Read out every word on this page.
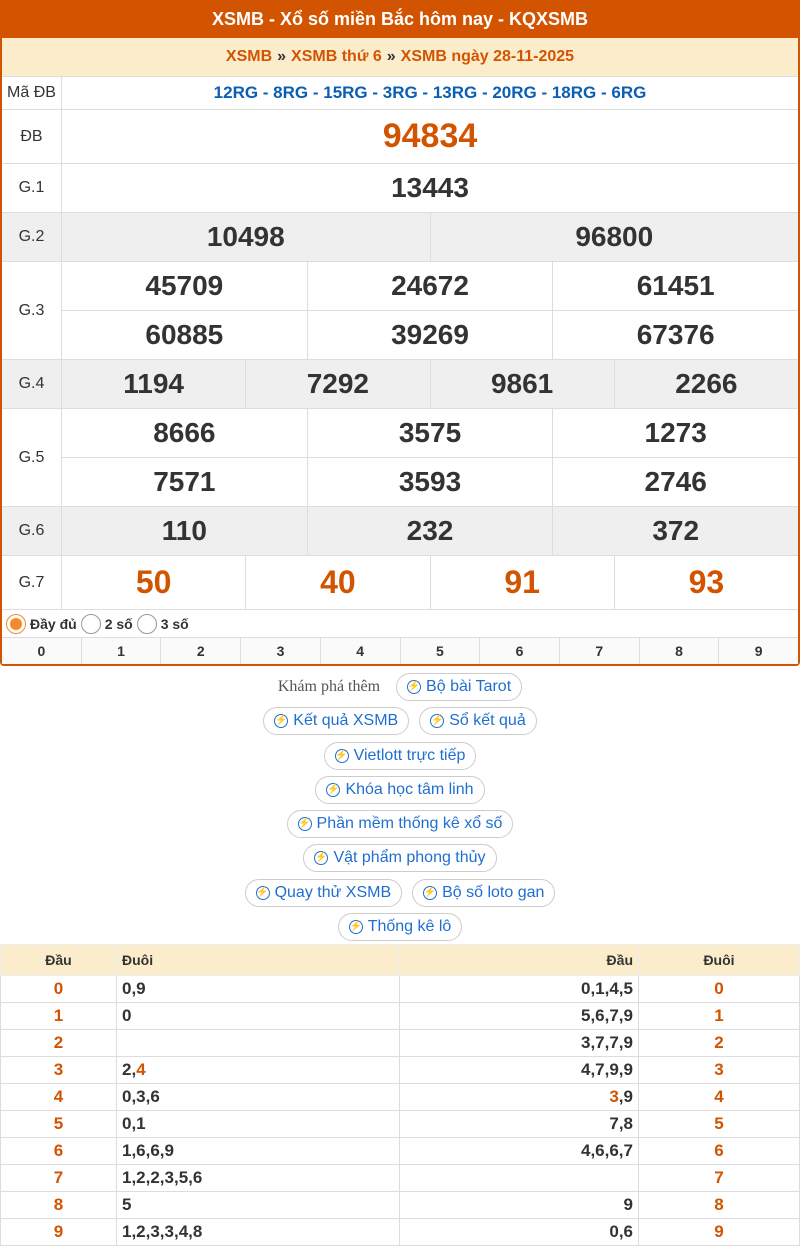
XSMB - Xổ số miền Bắc hôm nay - KQXSMB
XSMB » XSMB thứ 6 » XSMB ngày 28-11-2025
Mã ĐB	12RG - 8RG - 15RG - 3RG - 13RG - 20RG - 18RG - 6RG
ĐB	94834
G.1	13443
G.2	10498	96800
G.3
45709	24672	61451
60885	39269	67376
G.4	1194	7292	9861	2266
G.5
8666	3575	1273
7571	3593	2746
G.6	110	232	372
G.7	50	40	91	93
Đầy đủ 2 số 3 số
0	1	2	3	4	5	6	7	8	9
Khám phá thêm	⚡ Bộ bài Tarot
⚡ Kết quả XSMB	⚡ Sổ kết quả
⚡ Vietlott trực tiếp
⚡ Khóa học tâm linh
⚡ Phần mềm thống kê xổ số
⚡ Vật phẩm phong thủy
⚡ Quay thử XSMB	⚡ Bộ số loto gan
⚡ Thống kê lô
Đầu	Đuôi	Đầu	Đuôi
0	0,9	0,1,4,5	0
1	0	5,6,7,9	1
2		3,7,7,9	2
3	2,4	4,7,9,9	3
4	0,3,6	3,9	4
5	0,1	7,8	5
6	1,6,6,9	4,6,6,7	6
7	1,2,2,3,5,6		7
8	5	9	8
9	1,2,3,3,4,8	0,6	9
